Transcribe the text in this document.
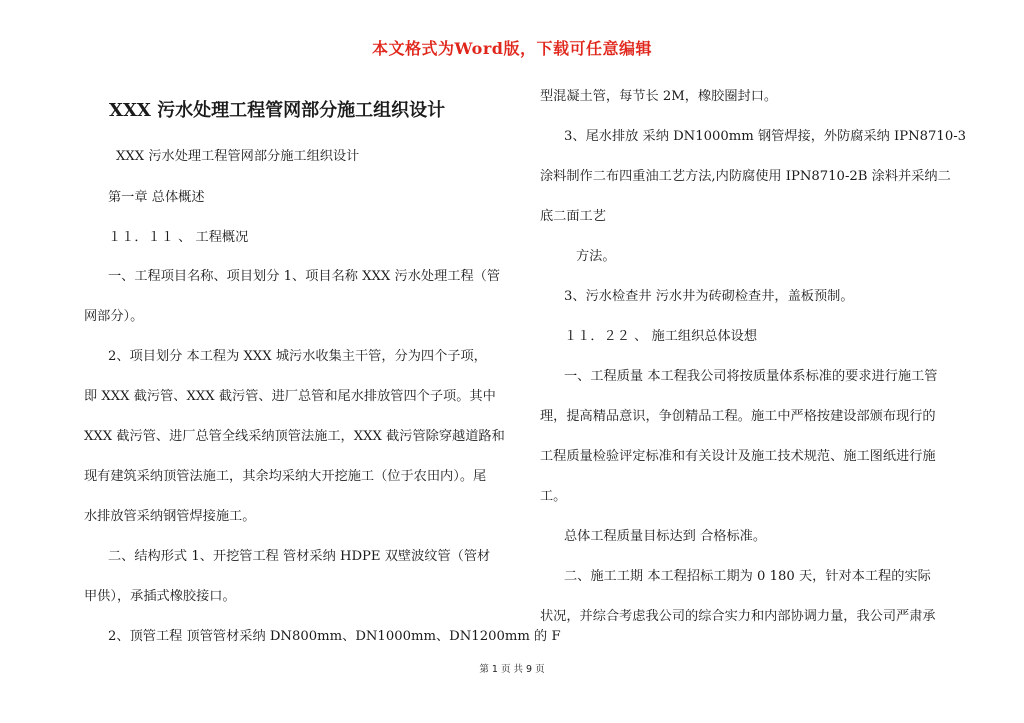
本文格式为Word版，下载可任意编辑
XXX 污水处理工程管网部分施工组织设计
XXX 污水处理工程管网部分施工组织设计
第一章 总体概述
１１．１１ 、 工程概况
一、工程项目名称、项目划分 1、项目名称 XXX 污水处理工程（管
网部分）。
2、项目划分 本工程为 XXX 城污水收集主干管，分为四个子项，
即 XXX 截污管、XXX 截污管、进厂总管和尾水排放管四个子项。其中
XXX 截污管、进厂总管全线采纳顶管法施工，XXX 截污管除穿越道路和
现有建筑采纳顶管法施工，其余均采纳大开挖施工（位于农田内）。尾
水排放管采纳钢管焊接施工。
二、结构形式 1、开挖管工程 管材采纳 HDPE 双壁波纹管（管材
甲供），承插式橡胶接口。
2、顶管工程 顶管管材采纳 DN800mm、DN1000mm、DN1200mm 的 F
型混凝土管，每节长 2M，橡胶圈封口。
3、尾水排放 采纳 DN1000mm 钢管焊接，外防腐采纳 IPN8710-3
涂料制作二布四重油工艺方法,内防腐使用 IPN8710-2B 涂料并采纳二
底二面工艺
方法。
3、污水检查井 污水井为砖砌检查井，盖板预制。
１１．２２ 、 施工组织总体设想
一、工程质量 本工程我公司将按质量体系标准的要求进行施工管
理，提高精品意识，争创精品工程。施工中严格按建设部颁布现行的
工程质量检验评定标准和有关设计及施工技术规范、施工图纸进行施
工。
总体工程质量目标达到 合格标准。
二、施工工期 本工程招标工期为 0 180 天，针对本工程的实际
状况，并综合考虑我公司的综合实力和内部协调力量，我公司严肃承
第 1 页 共 9 页
